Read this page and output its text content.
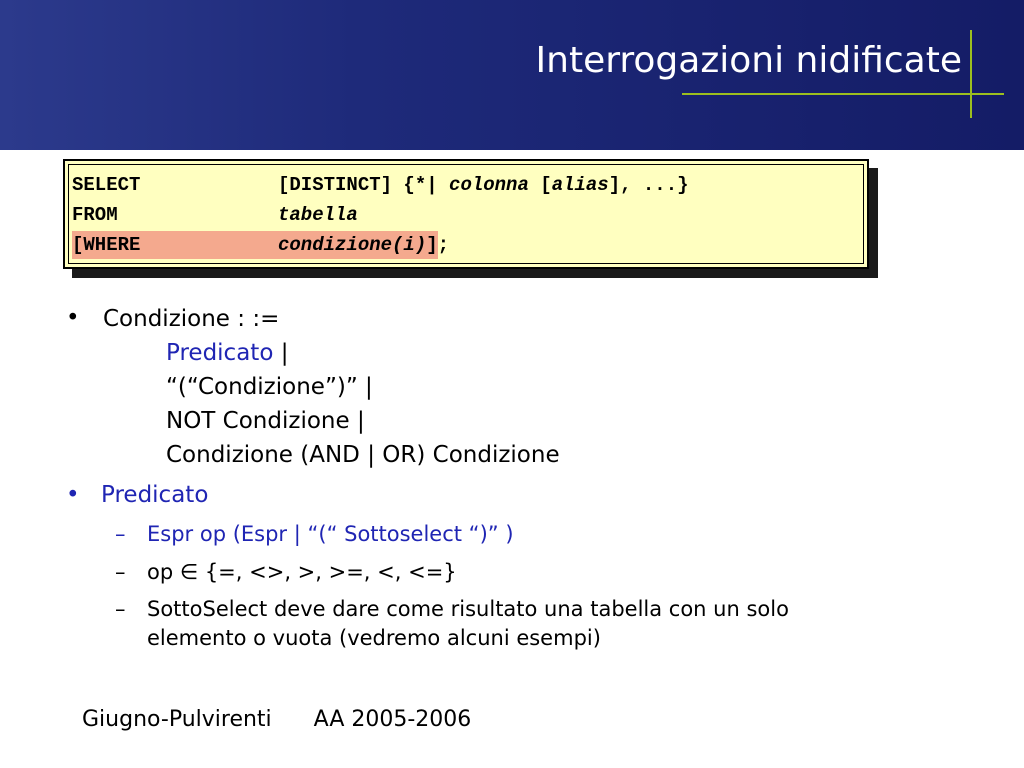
Interrogazioni nidificate
SELECT	[DISTINCT] {*| colonna [alias], ...}
FROM	tabella
[WHERE	condizione(i)];
• Condizione : :=
Predicato |
“(“Condizione”)” |
NOT Condizione |
Condizione (AND | OR) Condizione
• Predicato
– Espr op (Espr | “(“ Sottoselect “)” )
– op ∈ {=, <>, >, >=, <, <=}
– SottoSelect deve dare come risultato una tabella con un solo
elemento o vuota (vedremo alcuni esempi)
Giugno-Pulvirenti AA 2005-2006
